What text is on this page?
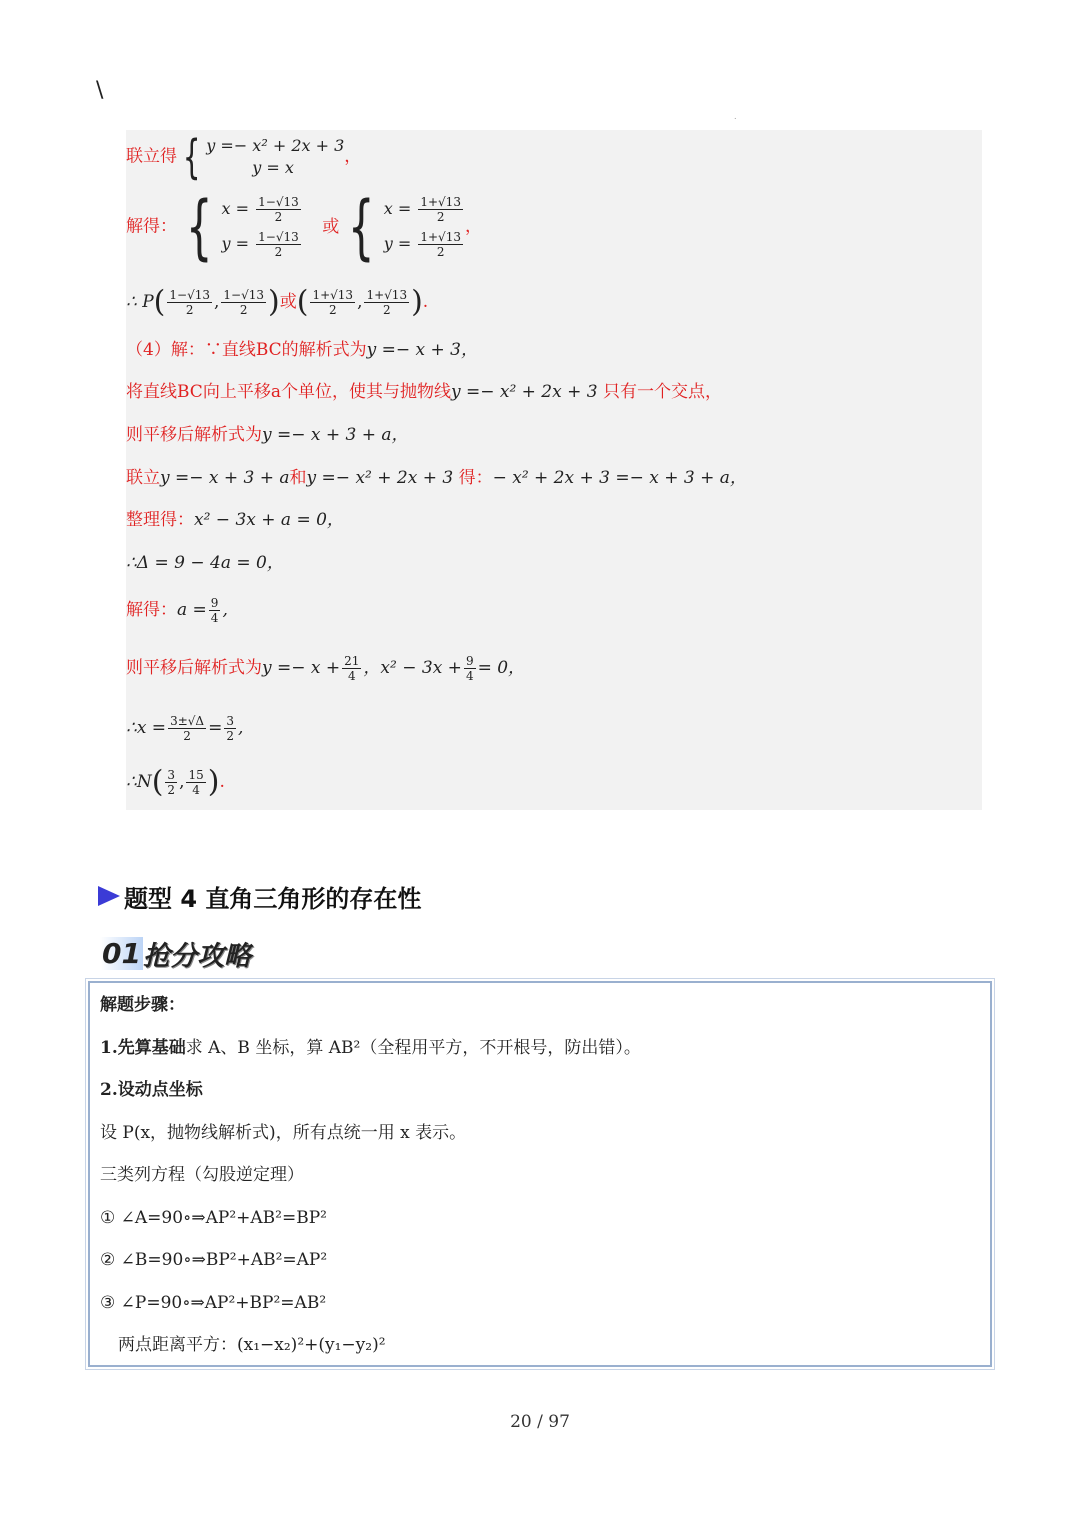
\
.
联立得 { y =− x² + 2x + 3
y = x
，
解得： { $x = \frac{1-√13}{2}$
$y = \frac{1-√13}{2}$
或 { $x = \frac{1+√13}{2}$
$y = \frac{1+√13}{2}$
，
∴ $P( \frac{1-√13}{2}$ , $\frac{1-√13}{2}$ )或( $\frac{1+√13}{2}$ , $\frac{1+√13}{2}$ ).
（4）解：∵直线BC的解析式为y =− x + 3，
将直线BC向上平移a个单位，使其与抛物线y =− x² + 2x + 3 只有一个交点，
则平移后解析式为y =− x + 3 + a，
联立y =− x + 3 + a和y =− x² + 2x + 3 得：− x² + 2x + 3 =− x + 3 + a，
整理得：x² − 3x + a = 0，
∴Δ = 9 − 4a = 0，
解得：$a = \frac{9}{4}$ ,
则平移后解析式为$y =- x + \frac{21}{4}$ ，$x^2 - 3x + \frac{9}{4} = 0$，
∴x = $\frac{3\pm√\Delta}{2} = \frac{3}{2}$ ,
∴N( $\frac{3}{2}$ , $\frac{15}{4}$ ).
题型 4 直角三角形的存在性
01 抢分攻略
解题步骤：
1.先算基础求 A、B 坐标，算 AB²（全程用平方，不开根号，防出错）。
2.设动点坐标
设 P(x，抛物线解析式)，所有点统一用 x 表示。
三类列方程（勾股逆定理）
① ∠A=90∘⇒AP²+AB²=BP²
② ∠B=90∘⇒BP²+AB²=AP²
③ ∠P=90∘⇒AP²+BP²=AB²
两点距离平方：(x₁−x₂)²+(y₁−y₂)²
20 / 97
